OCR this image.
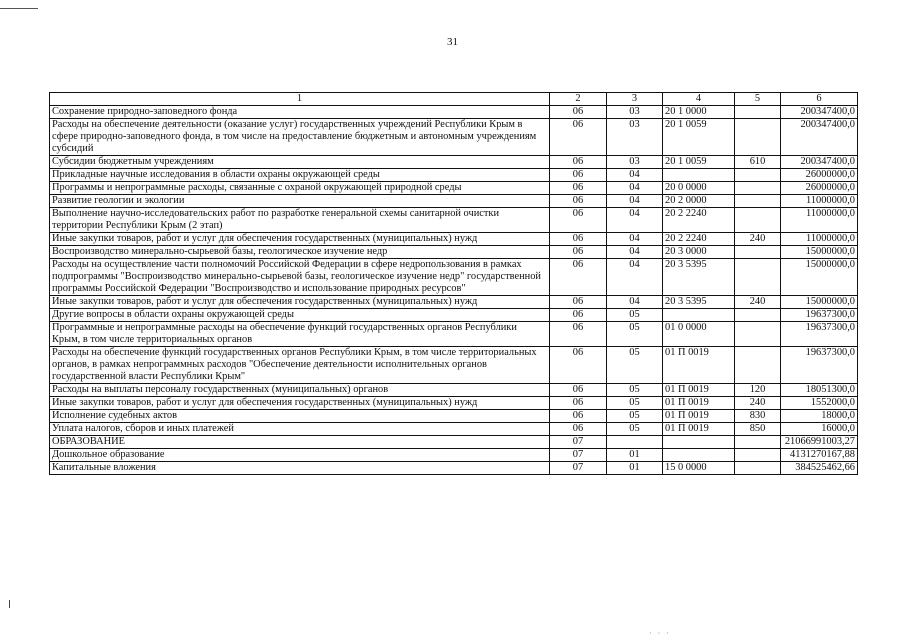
31
1	2	3	4	5	6
Сохранение природно-заповедного фонда	06	03	20 1 0000		200347400,0
Расходы на обеспечение деятельности (оказание услуг) государственных учреждений Республики Крым в сфере природно-заповедного фонда, в том числе на предоставление бюджетным и автономным учреждениям субсидий	06	03	20 1 0059		200347400,0
Субсидии бюджетным учреждениям	06	03	20 1 0059	610	200347400,0
Прикладные научные исследования в области охраны окружающей среды	06	04			26000000,0
Программы и непрограммные расходы, связанные с охраной окружающей природной среды	06	04	20 0 0000		26000000,0
Развитие геологии и экологии	06	04	20 2 0000		11000000,0
Выполнение научно-исследовательских работ по разработке генеральной схемы санитарной очистки территории Республики Крым (2 этап)	06	04	20 2 2240		11000000,0
Иные закупки товаров, работ и услуг для обеспечения государственных (муниципальных) нужд	06	04	20 2 2240	240	11000000,0
Воспроизводство минерально-сырьевой базы, геологическое изучение недр	06	04	20 3 0000		15000000,0
Расходы на осуществление части полномочий Российской Федерации в сфере недропользования в рамках подпрограммы "Воспроизводство минерально-сырьевой базы, геологическое изучение недр" государственной программы Российской Федерации "Воспроизводство и использование природных ресурсов"	06	04	20 3 5395		15000000,0
Иные закупки товаров, работ и услуг для обеспечения государственных (муниципальных) нужд	06	04	20 3 5395	240	15000000,0
Другие вопросы в области охраны окружающей среды	06	05			19637300,0
Программные и непрограммные расходы на обеспечение функций государственных органов Республики Крым, в том числе территориальных органов	06	05	01 0 0000		19637300,0
Расходы на обеспечение функций государственных органов Республики Крым, в том числе территориальных органов, в рамках непрограммных расходов "Обеспечение деятельности исполнительных органов государственной власти Республики Крым"	06	05	01 П 0019		19637300,0
Расходы на выплаты персоналу государственных (муниципальных) органов	06	05	01 П 0019	120	18051300,0
Иные закупки товаров, работ и услуг для обеспечения государственных (муниципальных) нужд	06	05	01 П 0019	240	1552000,0
Исполнение судебных актов	06	05	01 П 0019	830	18000,0
Уплата налогов, сборов и иных платежей	06	05	01 П 0019	850	16000,0
ОБРАЗОВАНИЕ	07				21066991003,27
Дошкольное образование	07	01			4131270167,88
Капитальные вложения	07	01	15 0 0000		384525462,66
· · ·
